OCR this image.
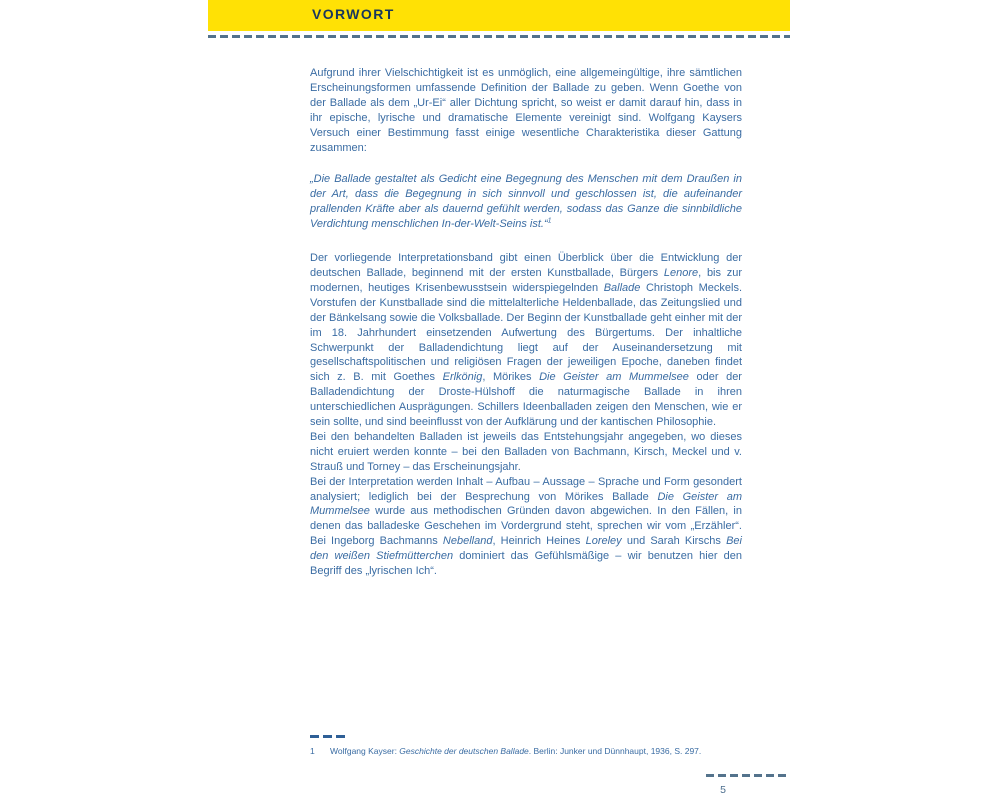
VORWORT

Aufgrund ihrer Vielschichtigkeit ist es unmöglich, eine allgemeingültige, ihre sämtlichen Erscheinungsformen umfassende Definition der Ballade zu geben. Wenn Goethe von der Ballade als dem „Ur-Ei“ aller Dichtung spricht, so weist er damit darauf hin, dass in ihr epische, lyrische und dramatische Elemente vereinigt sind. Wolfgang Kaysers Versuch einer Bestimmung fasst einige wesentliche Charakteristika dieser Gattung zusammen:

„Die Ballade gestaltet als Gedicht eine Begegnung des Menschen mit dem Draußen in der Art, dass die Begegnung in sich sinnvoll und geschlossen ist, die aufeinander prallenden Kräfte aber als dauernd gefühlt werden, sodass das Ganze die sinnbildliche Verdichtung menschlichen In-der-Welt-Seins ist.“$^1$

Der vorliegende Interpretationsband gibt einen Überblick über die Entwicklung der deutschen Ballade, beginnend mit der ersten Kunstballade, Bürgers Lenore, bis zur modernen, heutiges Krisenbewusstsein widerspiegelnden Ballade Christoph Meckels. Vorstufen der Kunstballade sind die mittelalterliche Heldenballade, das Zeitungslied und der Bänkelsang sowie die Volksballade. Der Beginn der Kunstballade geht einher mit der im 18. Jahrhundert einsetzenden Aufwertung des Bürgertums. Der inhaltliche Schwerpunkt der Balladendichtung liegt auf der Auseinandersetzung mit gesellschaftspolitischen und religiösen Fragen der jeweiligen Epoche, daneben findet sich z. B. mit Goethes Erlkönig, Mörikes Die Geister am Mummelsee oder der Balladendichtung der Droste-Hülshoff die naturmagische Ballade in ihren unterschiedlichen Ausprägungen. Schillers Ideenballaden zeigen den Menschen, wie er sein sollte, und sind beeinflusst von der Aufklärung und der kantischen Philosophie.

Bei den behandelten Balladen ist jeweils das Entstehungsjahr angegeben, wo dieses nicht eruiert werden konnte – bei den Balladen von Bachmann, Kirsch, Meckel und v. Strauß und Torney – das Erscheinungsjahr.

Bei der Interpretation werden Inhalt – Aufbau – Aussage – Sprache und Form gesondert analysiert; lediglich bei der Besprechung von Mörikes Ballade Die Geister am Mummelsee wurde aus methodischen Gründen davon abgewichen. In den Fällen, in denen das balladeske Geschehen im Vordergrund steht, sprechen wir vom „Erzähler“. Bei Ingeborg Bachmanns Nebelland, Heinrich Heines Loreley und Sarah Kirschs Bei den weißen Stiefmütterchen dominiert das Gefühlsmäßige – wir benutzen hier den Begriff des „lyrischen Ich“.

1 Wolfgang Kayser: Geschichte der deutschen Ballade. Berlin: Junker und Dünnhaupt, 1936, S. 297.
5
